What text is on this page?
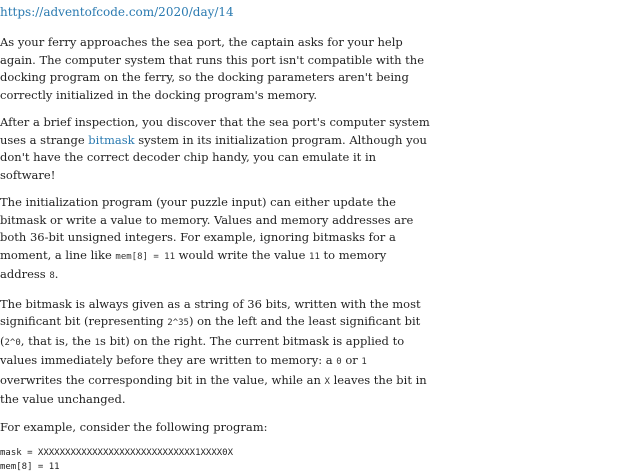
https://adventofcode.com/2020/day/14

As your ferry approaches the sea port, the captain asks for your help again. The computer system that runs this port isn't compatible with the docking program on the ferry, so the docking parameters aren't being correctly initialized in the docking program's memory.

After a brief inspection, you discover that the sea port's computer system uses a strange bitmask system in its initialization program. Although you don't have the correct decoder chip handy, you can emulate it in software!

The initialization program (your puzzle input) can either update the bitmask or write a value to memory. Values and memory addresses are both 36-bit unsigned integers. For example, ignoring bitmasks for a moment, a line like mem[8] = 11 would write the value 11 to memory address 8.

The bitmask is always given as a string of 36 bits, written with the most significant bit (representing 2^35) on the left and the least significant bit (2^0, that is, the 1s bit) on the right. The current bitmask is applied to values immediately before they are written to memory: a 0 or 1 overwrites the corresponding bit in the value, while an X leaves the bit in the value unchanged.

For example, consider the following program:

mask = XXXXXXXXXXXXXXXXXXXXXXXXXXXXX1XXXX0X
mem[8] = 11
